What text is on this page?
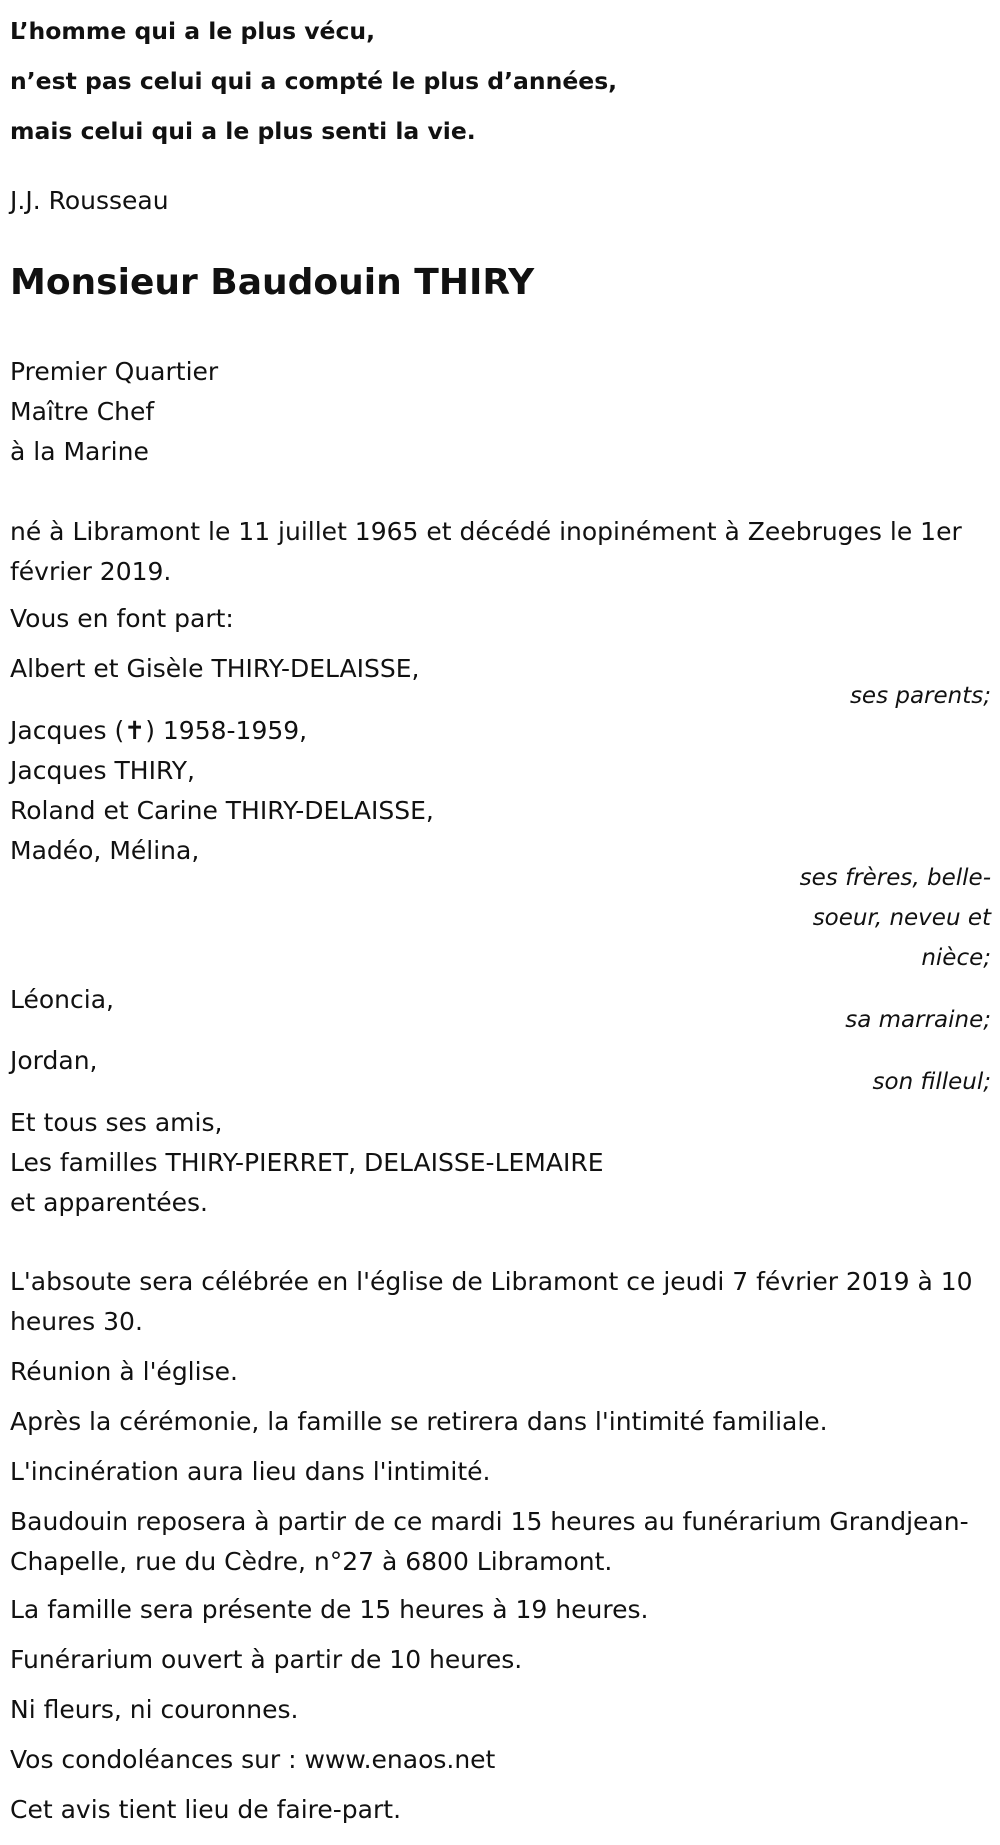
L’homme qui a le plus vécu,
n’est pas celui qui a compté le plus d’années,
mais celui qui a le plus senti la vie.
J.J. Rousseau
Monsieur Baudouin THIRY
Premier Quartier
Maître Chef
à la Marine
né à Libramont le 11 juillet 1965 et décédé inopinément à Zeebruges le 1er février 2019.
Vous en font part:
Albert et Gisèle THIRY-DELAISSE,
ses parents;
Jacques (✝) 1958-1959,
Jacques THIRY,
Roland et Carine THIRY-DELAISSE,
Madéo, Mélina,
ses frères, belle-soeur, neveu et nièce;
Léoncia,
sa marraine;
Jordan,
son filleul;
Et tous ses amis,
Les familles THIRY-PIERRET, DELAISSE-LEMAIRE
et apparentées.
L'absoute sera célébrée en l'église de Libramont ce jeudi 7 février 2019 à 10 heures 30.
Réunion à l'église.
Après la cérémonie, la famille se retirera dans l'intimité familiale.
L'incinération aura lieu dans l'intimité.
Baudouin reposera à partir de ce mardi 15 heures au funérarium Grandjean-Chapelle, rue du Cèdre, n°27 à 6800 Libramont.
La famille sera présente de 15 heures à 19 heures.
Funérarium ouvert à partir de 10 heures.
Ni fleurs, ni couronnes.
Vos condoléances sur : www.enaos.net
Cet avis tient lieu de faire-part.
